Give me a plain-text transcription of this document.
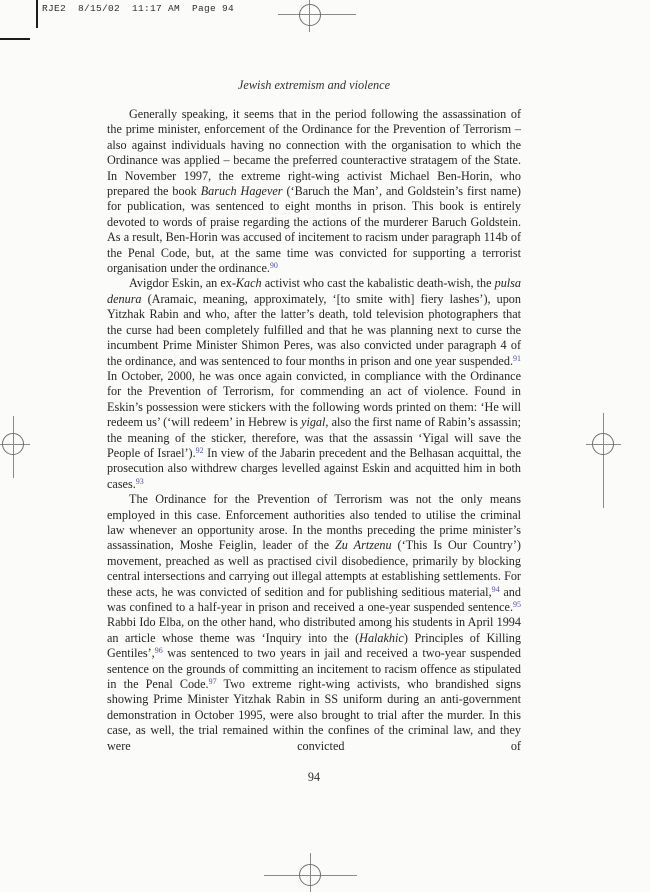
RJE2  8/15/02  11:17 AM  Page 94
Jewish extremism and violence

Generally speaking, it seems that in the period following the assassination of the prime minister, enforcement of the Ordinance for the Prevention of Terrorism – also against individuals having no connection with the organisation to which the Ordinance was applied – became the preferred counteractive stratagem of the State. In November 1997, the extreme right-wing activist Michael Ben-Horin, who prepared the book Baruch Hagever (‘Baruch the Man’, and Goldstein’s first name) for publication, was sentenced to eight months in prison. This book is entirely devoted to words of praise regarding the actions of the murderer Baruch Goldstein. As a result, Ben-Horin was accused of incitement to racism under paragraph 114b of the Penal Code, but, at the same time was convicted for supporting a terrorist organisation under the ordinance.$^{90}$

Avigdor Eskin, an ex-Kach activist who cast the kabalistic death-wish, the pulsa denura (Aramaic, meaning, approximately, ‘[to smite with] fiery lashes’), upon Yitzhak Rabin and who, after the latter’s death, told television photographers that the curse had been completely fulfilled and that he was planning next to curse the incumbent Prime Minister Shimon Peres, was also convicted under paragraph 4 of the ordinance, and was sentenced to four months in prison and one year suspended.$^{91}$ In October, 2000, he was once again convicted, in compliance with the Ordinance for the Prevention of Terrorism, for commending an act of violence. Found in Eskin’s possession were stickers with the following words printed on them: ‘He will redeem us’ (‘will redeem’ in Hebrew is yigal, also the first name of Rabin’s assassin; the meaning of the sticker, therefore, was that the assassin ‘Yigal will save the People of Israel’).$^{92}$ In view of the Jabarin precedent and the Belhasan acquittal, the prosecution also withdrew charges levelled against Eskin and acquitted him in both cases.$^{93}$

The Ordinance for the Prevention of Terrorism was not the only means employed in this case. Enforcement authorities also tended to utilise the criminal law whenever an opportunity arose. In the months preceding the prime minister’s assassination, Moshe Feiglin, leader of the Zu Artzenu (‘This Is Our Country’) movement, preached as well as practised civil disobedience, primarily by blocking central intersections and carrying out illegal attempts at establishing settlements. For these acts, he was convicted of sedition and for publishing seditious material,$^{94}$ and was confined to a half-year in prison and received a one-year suspended sentence.$^{95}$ Rabbi Ido Elba, on the other hand, who distributed among his students in April 1994 an article whose theme was ‘Inquiry into the (Halakhic) Principles of Killing Gentiles’,$^{96}$ was sentenced to two years in jail and received a two-year suspended sentence on the grounds of committing an incitement to racism offence as stipulated in the Penal Code.$^{97}$ Two extreme right-wing activists, who brandished signs showing Prime Minister Yitzhak Rabin in SS uniform during an anti-government demonstration in October 1995, were also brought to trial after the murder. In this case, as well, the trial remained within the confines of the criminal law, and they were convicted of

94
